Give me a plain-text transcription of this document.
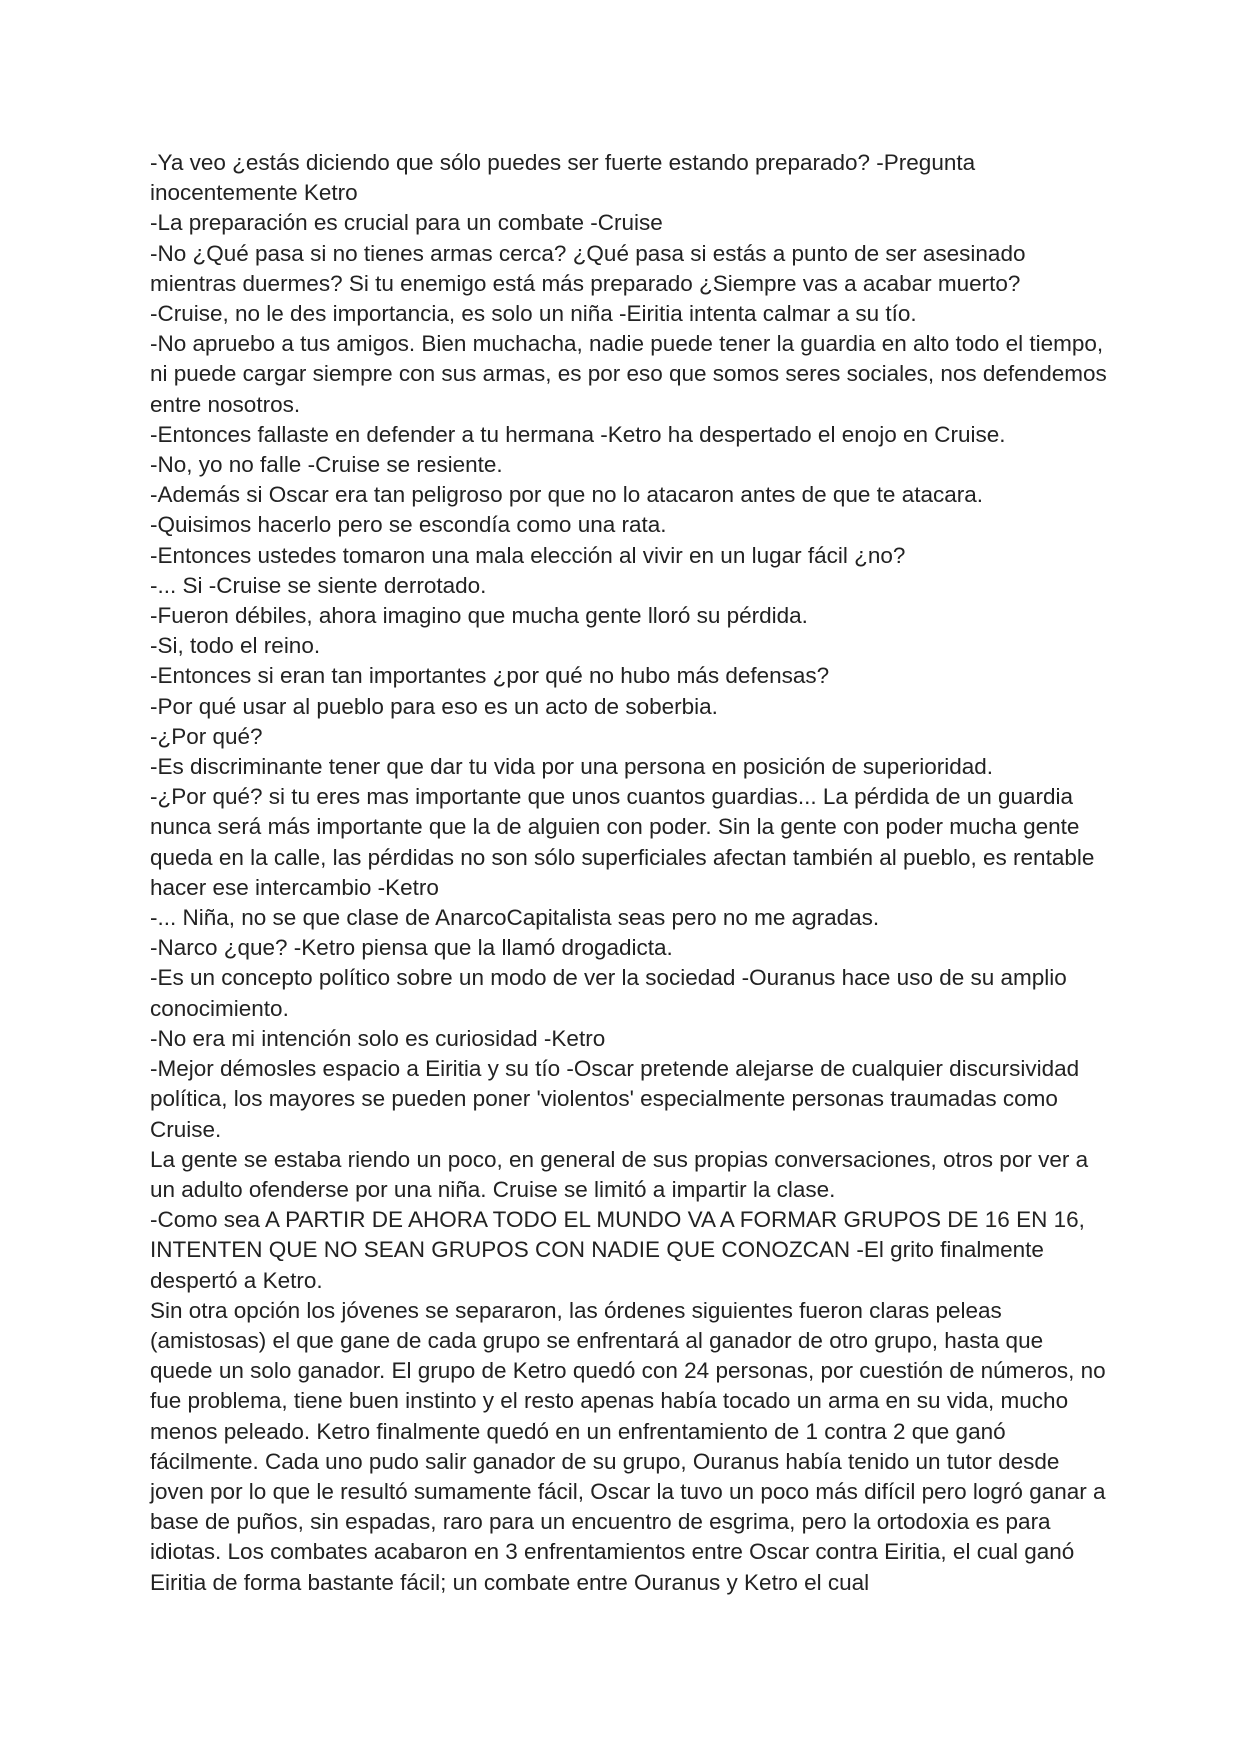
-Ya veo ¿estás diciendo que sólo puedes ser fuerte estando preparado? -Pregunta inocentemente Ketro

-La preparación es crucial para un combate -Cruise

-No ¿Qué pasa si no tienes armas cerca? ¿Qué pasa si estás a punto de ser asesinado mientras duermes? Si tu enemigo está más preparado ¿Siempre vas a acabar muerto?

-Cruise, no le des importancia, es solo un niña -Eiritia intenta calmar a su tío.

-No apruebo a tus amigos. Bien muchacha, nadie puede tener la guardia en alto todo el tiempo, ni puede cargar siempre con sus armas, es por eso que somos seres sociales, nos defendemos entre nosotros.

-Entonces fallaste en defender a tu hermana -Ketro ha despertado el enojo en Cruise.

-No, yo no falle -Cruise se resiente.

-Además si Oscar era tan peligroso por que no lo atacaron antes de que te atacara.

-Quisimos hacerlo pero se escondía como una rata.

-Entonces ustedes tomaron una mala elección al vivir en un lugar fácil ¿no?

-... Si -Cruise se siente derrotado.

-Fueron débiles, ahora imagino que mucha gente lloró su pérdida.

-Si, todo el reino.

-Entonces si eran tan importantes ¿por qué no hubo más defensas?

-Por qué usar al pueblo para eso es un acto de soberbia.

-¿Por qué?

-Es discriminante tener que dar tu vida por una persona en posición de superioridad.

-¿Por qué? si tu eres mas importante que unos cuantos guardias... La pérdida de un guardia nunca será más importante que la de alguien con poder. Sin la gente con poder mucha gente queda en la calle, las pérdidas no son sólo superficiales afectan también al pueblo, es rentable hacer ese intercambio -Ketro

-... Niña, no se que clase de AnarcoCapitalista seas pero no me agradas.

-Narco ¿que? -Ketro piensa que la llamó drogadicta.

-Es un concepto político sobre un modo de ver la sociedad -Ouranus hace uso de su amplio conocimiento.

-No era mi intención solo es curiosidad -Ketro

-Mejor démosles espacio a Eiritia y su tío -Oscar pretende alejarse de cualquier discursividad política, los mayores se pueden poner 'violentos' especialmente personas traumadas como Cruise.

La gente se estaba riendo un poco, en general de sus propias conversaciones, otros por ver a un adulto ofenderse por una niña. Cruise se limitó a impartir la clase.

-Como sea A PARTIR DE AHORA TODO EL MUNDO VA A FORMAR GRUPOS DE 16 EN 16, INTENTEN QUE NO SEAN GRUPOS CON NADIE QUE CONOZCAN -El grito finalmente despertó a Ketro.

Sin otra opción los jóvenes se separaron, las órdenes siguientes fueron claras peleas (amistosas) el que gane de cada grupo se enfrentará al ganador de otro grupo, hasta que quede un solo ganador. El grupo de Ketro quedó con 24 personas, por cuestión de números, no fue problema, tiene buen instinto y el resto apenas había tocado un arma en su vida, mucho menos peleado. Ketro finalmente quedó en un enfrentamiento de 1 contra 2 que ganó fácilmente. Cada uno pudo salir ganador de su grupo, Ouranus había tenido un tutor desde joven por lo que le resultó sumamente fácil, Oscar la tuvo un poco más difícil pero logró ganar a base de puños, sin espadas, raro para un encuentro de esgrima, pero la ortodoxia es para idiotas. Los combates acabaron en 3 enfrentamientos entre Oscar contra Eiritia, el cual ganó Eiritia de forma bastante fácil; un combate entre Ouranus y Ketro el cual
